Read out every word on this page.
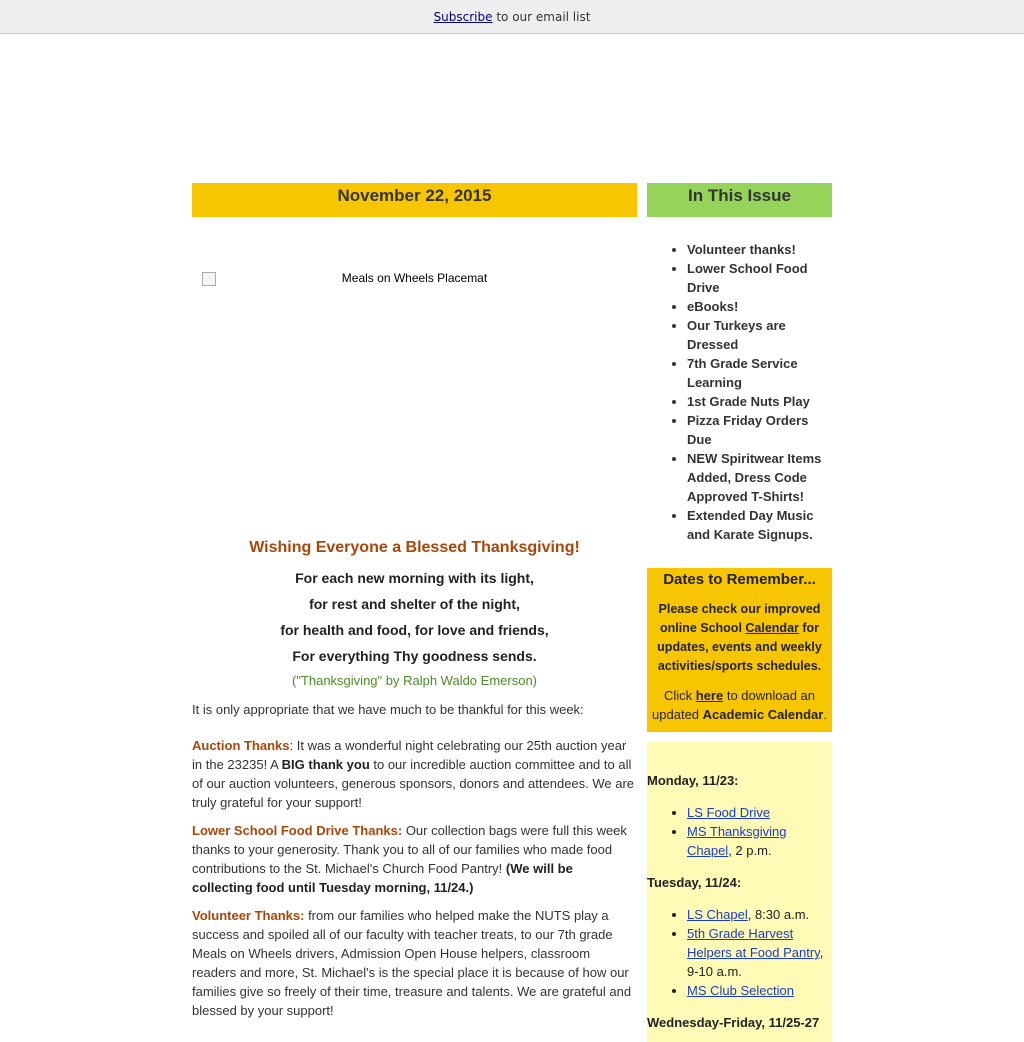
Subscribe to our email list
November 22, 2015
Meals on Wheels Placemat

Wishing Everyone a Blessed Thanksgiving!

For each new morning with its light,
for rest and shelter of the night,
for health and food, for love and friends,
For everything Thy goodness sends.

("Thanksgiving" by Ralph Waldo Emerson)

It is only appropriate that we have much to be thankful for this week:

Auction Thanks: It was a wonderful night celebrating our 25th auction year in the 23235! A BIG thank you to our incredible auction committee and to all of our auction volunteers, generous sponsors, donors and attendees. We are truly grateful for your support!

Lower School Food Drive Thanks: Our collection bags were full this week thanks to your generosity. Thank you to all of our families who made food contributions to the St. Michael's Church Food Pantry! (We will be collecting food until Tuesday morning, 11/24.)

Volunteer Thanks: from our families who helped make the NUTS play a success and spoiled all of our faculty with teacher treats, to our 7th grade Meals on Wheels drivers, Admission Open House helpers, classroom readers and more, St. Michael's is the special place it is because of how our families give so freely of their time, treasure and talents. We are grateful and blessed by your support!

In This Issue
• Volunteer thanks!
• Lower School Food Drive
• eBooks!
• Our Turkeys are Dressed
• 7th Grade Service Learning
• 1st Grade Nuts Play
• Pizza Friday Orders Due
• NEW Spiritwear Items Added, Dress Code Approved T-Shirts!
• Extended Day Music and Karate Signups.
Dates to Remember...

Please check our improved online School Calendar for updates, events and weekly activities/sports schedules.

Click here to download an updated Academic Calendar.

Monday, 11/23:
• LS Food Drive
• MS Thanksgiving Chapel, 2 p.m.
Tuesday, 11/24:
• LS Chapel, 8:30 a.m.
• 5th Grade Harvest Helpers at Food Pantry, 9-10 a.m.
• MS Club Selection
Wednesday-Friday, 11/25-27
